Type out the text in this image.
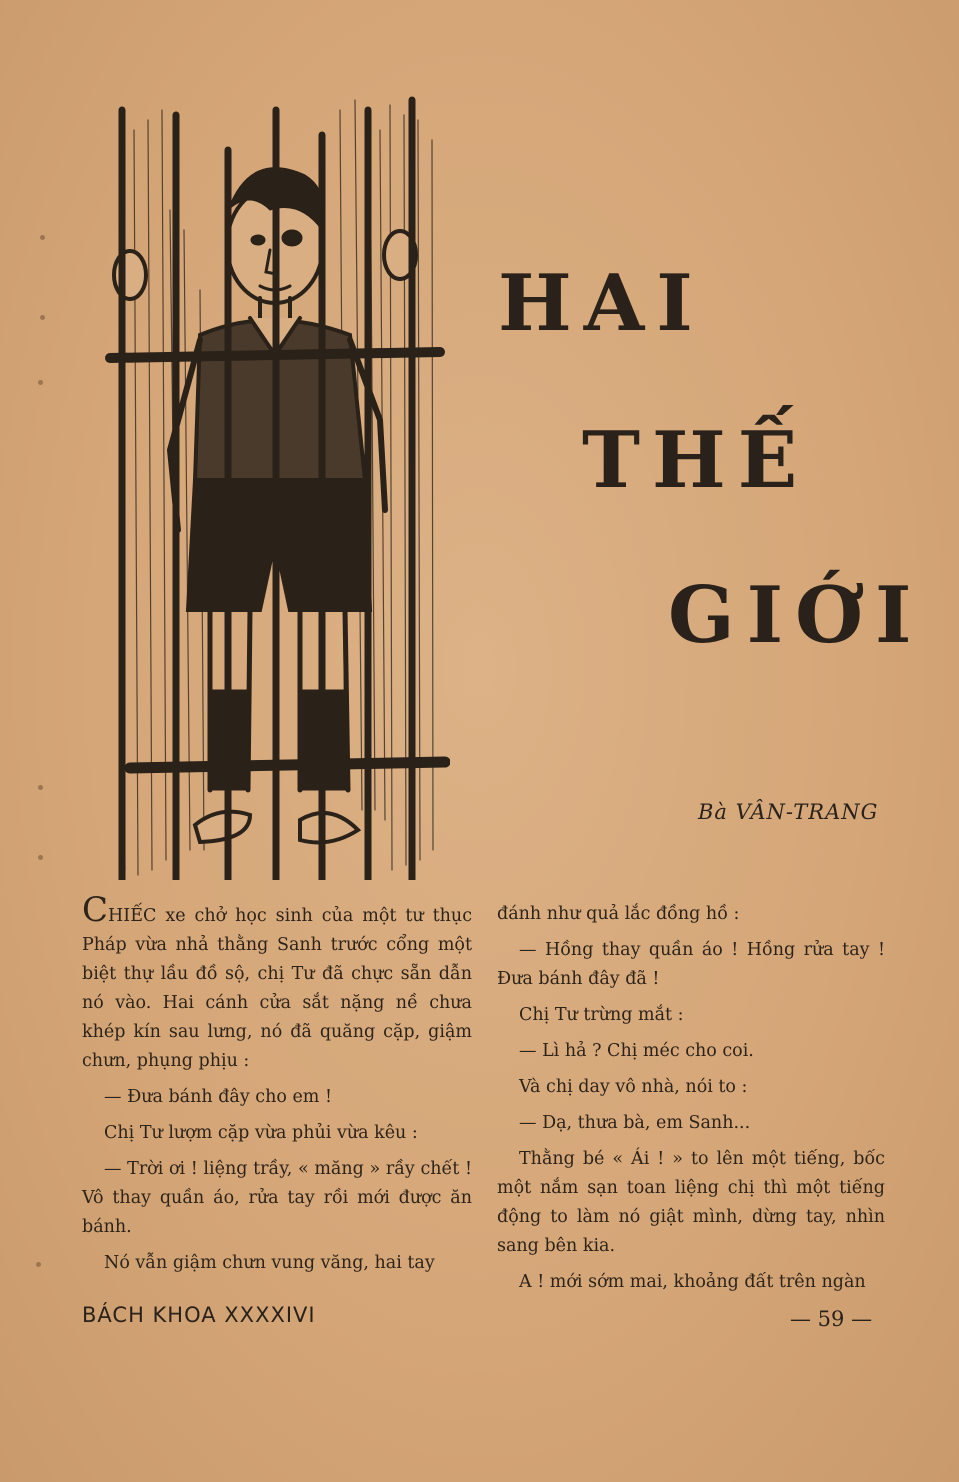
HAI
THẾ
GIỚI
Bà VÂN-TRANG

CHIẾC xe chở học sinh của một tư thục Pháp vừa nhả thằng Sanh trước cổng một biệt thự lầu đồ sộ, chị Tư đã chực sẵn dẫn nó vào. Hai cánh cửa sắt nặng nề chưa khép kín sau lưng, nó đã quăng cặp, giậm chưn, phụng phịu :

— Đưa bánh đây cho em !

Chị Tư lượm cặp vừa phủi vừa kêu :

— Trời ơi ! liệng trầy, « măng » rầy chết ! Vô thay quần áo, rửa tay rồi mới được ăn bánh.

Nó vẫn giậm chưn vung văng, hai tay

đánh như quả lắc đồng hồ :

— Hồng thay quần áo ! Hồng rửa tay ! Đưa bánh đây đã !

Chị Tư trừng mắt :

— Lì hả ? Chị méc cho coi.

Và chị day vô nhà, nói to :

— Dạ, thưa bà, em Sanh...

Thằng bé « Ái ! » to lên một tiếng, bốc một nắm sạn toan liệng chị thì một tiếng động to làm nó giật mình, dừng tay, nhìn sang bên kia.

A ! mới sớm mai, khoảng đất trên ngàn

BÁCH KHOA XXXXIVI	— 59 —
